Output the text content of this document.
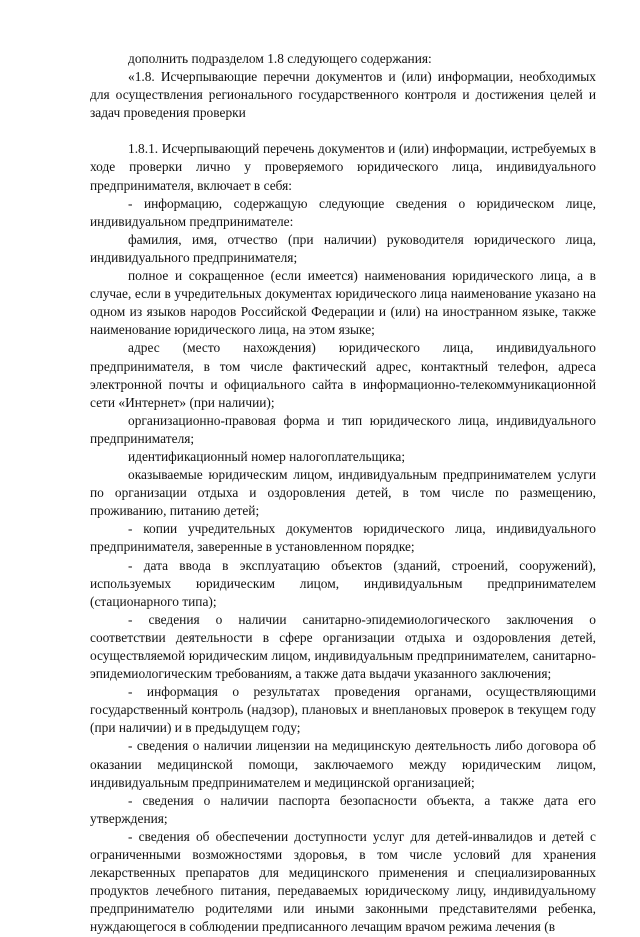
дополнить подразделом 1.8 следующего содержания:

«1.8. Исчерпывающие перечни документов и (или) информации, необходимых для осуществления регионального государственного контроля и достижения целей и задач проведения проверки

1.8.1. Исчерпывающий перечень документов и (или) информации, истребуемых в ходе проверки лично у проверяемого юридического лица, индивидуального предпринимателя, включает в себя:

- информацию, содержащую следующие сведения о юридическом лице, индивидуальном предпринимателе:

фамилия, имя, отчество (при наличии) руководителя юридического лица, индивидуального предпринимателя;

полное и сокращенное (если имеется) наименования юридического лица, а в случае, если в учредительных документах юридического лица наименование указано на одном из языков народов Российской Федерации и (или) на иностранном языке, также наименование юридического лица, на этом языке;

адрес (место нахождения) юридического лица, индивидуального предпринимателя, в том числе фактический адрес, контактный телефон, адреса электронной почты и официального сайта в информационно-телекоммуникационной сети «Интернет» (при наличии);

организационно-правовая форма и тип юридического лица, индивидуального предпринимателя;

идентификационный номер налогоплательщика;

оказываемые юридическим лицом, индивидуальным предпринимателем услуги по организации отдыха и оздоровления детей, в том числе по размещению, проживанию, питанию детей;

- копии учредительных документов юридического лица, индивидуального предпринимателя, заверенные в установленном порядке;

- дата ввода в эксплуатацию объектов (зданий, строений, сооружений), используемых юридическим лицом, индивидуальным предпринимателем (стационарного типа);

- сведения о наличии санитарно-эпидемиологического заключения о соответствии деятельности в сфере организации отдыха и оздоровления детей, осуществляемой юридическим лицом, индивидуальным предпринимателем, санитарно-эпидемиологическим требованиям, а также дата выдачи указанного заключения;

- информация о результатах проведения органами, осуществляющими государственный контроль (надзор), плановых и внеплановых проверок в текущем году (при наличии) и в предыдущем году;

- сведения о наличии лицензии на медицинскую деятельность либо договора об оказании медицинской помощи, заключаемого между юридическим лицом, индивидуальным предпринимателем и медицинской организацией;

- сведения о наличии паспорта безопасности объекта, а также дата его утверждения;

- сведения об обеспечении доступности услуг для детей-инвалидов и детей с ограниченными возможностями здоровья, в том числе условий для хранения лекарственных препаратов для медицинского применения и специализированных продуктов лечебного питания, передаваемых юридическому лицу, индивидуальному предпринимателю родителями или иными законными представителями ребенка, нуждающегося в соблюдении предписанного лечащим врачом режима лечения (в
